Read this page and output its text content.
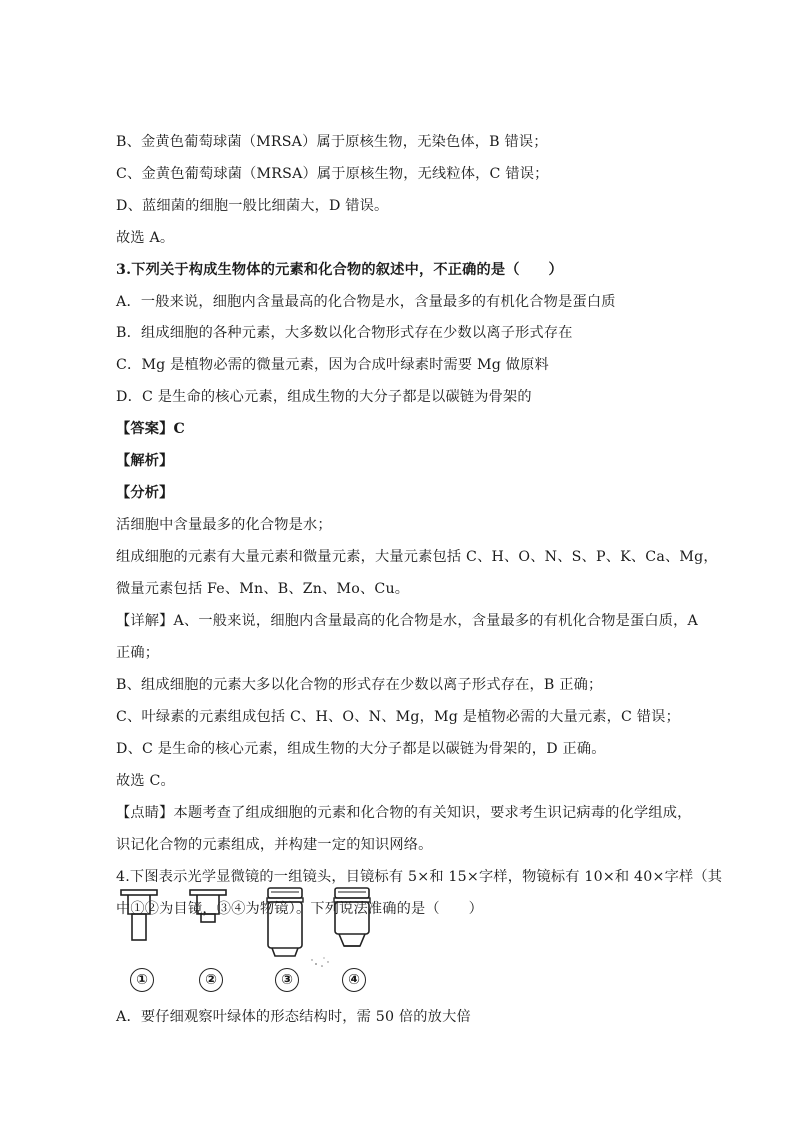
B、金黄色葡萄球菌（MRSA）属于原核生物，无染色体，B 错误；
C、金黄色葡萄球菌（MRSA）属于原核生物，无线粒体，C 错误；
D、蓝细菌的细胞一般比细菌大，D 错误。
故选 A。
3.下列关于构成生物体的元素和化合物的叙述中，不正确的是（　　）
A．一般来说，细胞内含量最高的化合物是水，含量最多的有机化合物是蛋白质
B．组成细胞的各种元素，大多数以化合物形式存在少数以离子形式存在
C．Mg 是植物必需的微量元素，因为合成叶绿素时需要 Mg 做原料
D．C 是生命的核心元素，组成生物的大分子都是以碳链为骨架的
【答案】C
【解析】
【分析】
活细胞中含量最多的化合物是水；
组成细胞的元素有大量元素和微量元素，大量元素包括 C、H、O、N、S、P、K、Ca、Mg，
微量元素包括 Fe、Mn、B、Zn、Mo、Cu。
【详解】A、一般来说，细胞内含量最高的化合物是水，含量最多的有机化合物是蛋白质，A
正确；
B、组成细胞的元素大多以化合物的形式存在少数以离子形式存在，B 正确；
C、叶绿素的元素组成包括 C、H、O、N、Mg，Mg 是植物必需的大量元素，C 错误；
D、C 是生命的核心元素，组成生物的大分子都是以碳链为骨架的，D 正确。
故选 C。
【点睛】本题考查了组成细胞的元素和化合物的有关知识，要求考生识记病毒的化学组成，
识记化合物的元素组成，并构建一定的知识网络。
4.下图表示光学显微镜的一组镜头，目镜标有 5×和 15×字样，物镜标有 10×和 40×字样（其
中①②为目镜，③④为物镜）。下列说法准确的是（　　）
①	②	③	④
A．要仔细观察叶绿体的形态结构时，需 50 倍的放大倍
